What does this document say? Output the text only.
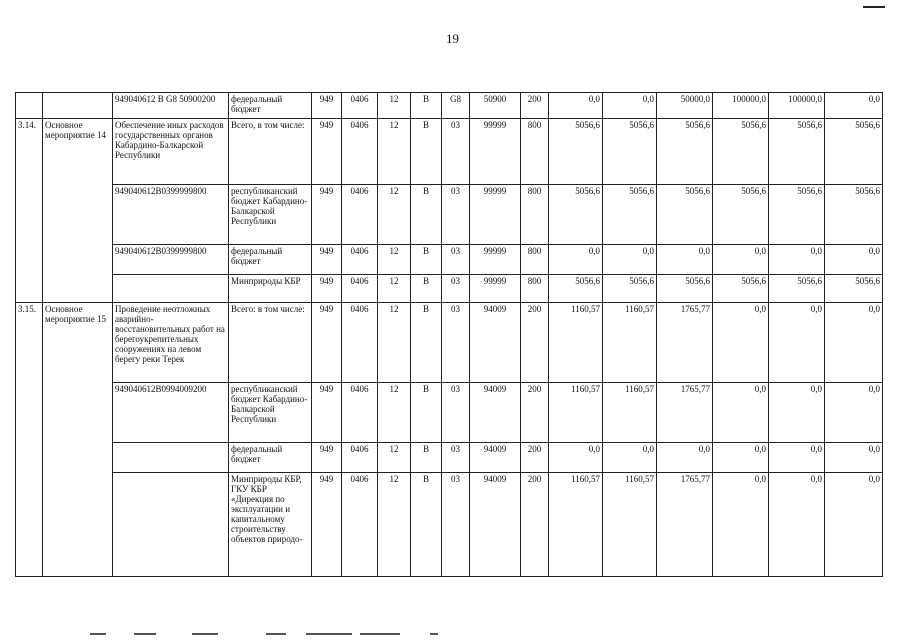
19
		949040612 В G8 50900200	федеральный бюджет	949	0406	12	В	G8	50900	200	0,0	0,0	50000,0	100000,0	100000,0	0,0
3.14.	Основное мероприятие 14	Обеспечение иных расходов государственных органов Кабардино-Балкарской Республики	Всего, в том числе:	949	0406	12	В	03	99999	800	5056,6	5056,6	5056,6	5056,6	5056,6	5056,6
		949040612В0399999800	республиканский бюджет Кабардино-Балкарской Республики	949	0406	12	В	03	99999	800	5056,6	5056,6	5056,6	5056,6	5056,6	5056,6
		949040612В0399999800	федеральный бюджет	949	0406	12	В	03	99999	800	0,0	0,0	0,0	0,0	0,0	0,0
			Минприроды КБР	949	0406	12	В	03	99999	800	5056,6	5056,6	5056,6	5056,6	5056,6	5056,6
3.15.	Основное мероприятие 15	Проведение неотложных аварийно-восстановительных работ на берегоукрепительных сооружениях на левом берегу реки Терек	Всего: в том числе:	949	0406	12	В	03	94009	200	1160,57	1160,57	1765,77	0,0	0,0	0,0
		949040612В0994009200	республиканский бюджет Кабардино-Балкарской Республики	949	0406	12	В	03	94009	200	1160,57	1160,57	1765,77	0,0	0,0	0,0
			федеральный бюджет	949	0406	12	В	03	94009	200	0,0	0,0	0,0	0,0	0,0	0,0
			Минприроды КБР, ГКУ КБР «Дирекция по эксплуатации и капитальному строительству объектов природо-	949	0406	12	В	03	94009	200	1160,57	1160,57	1765,77	0,0	0,0	0,0
